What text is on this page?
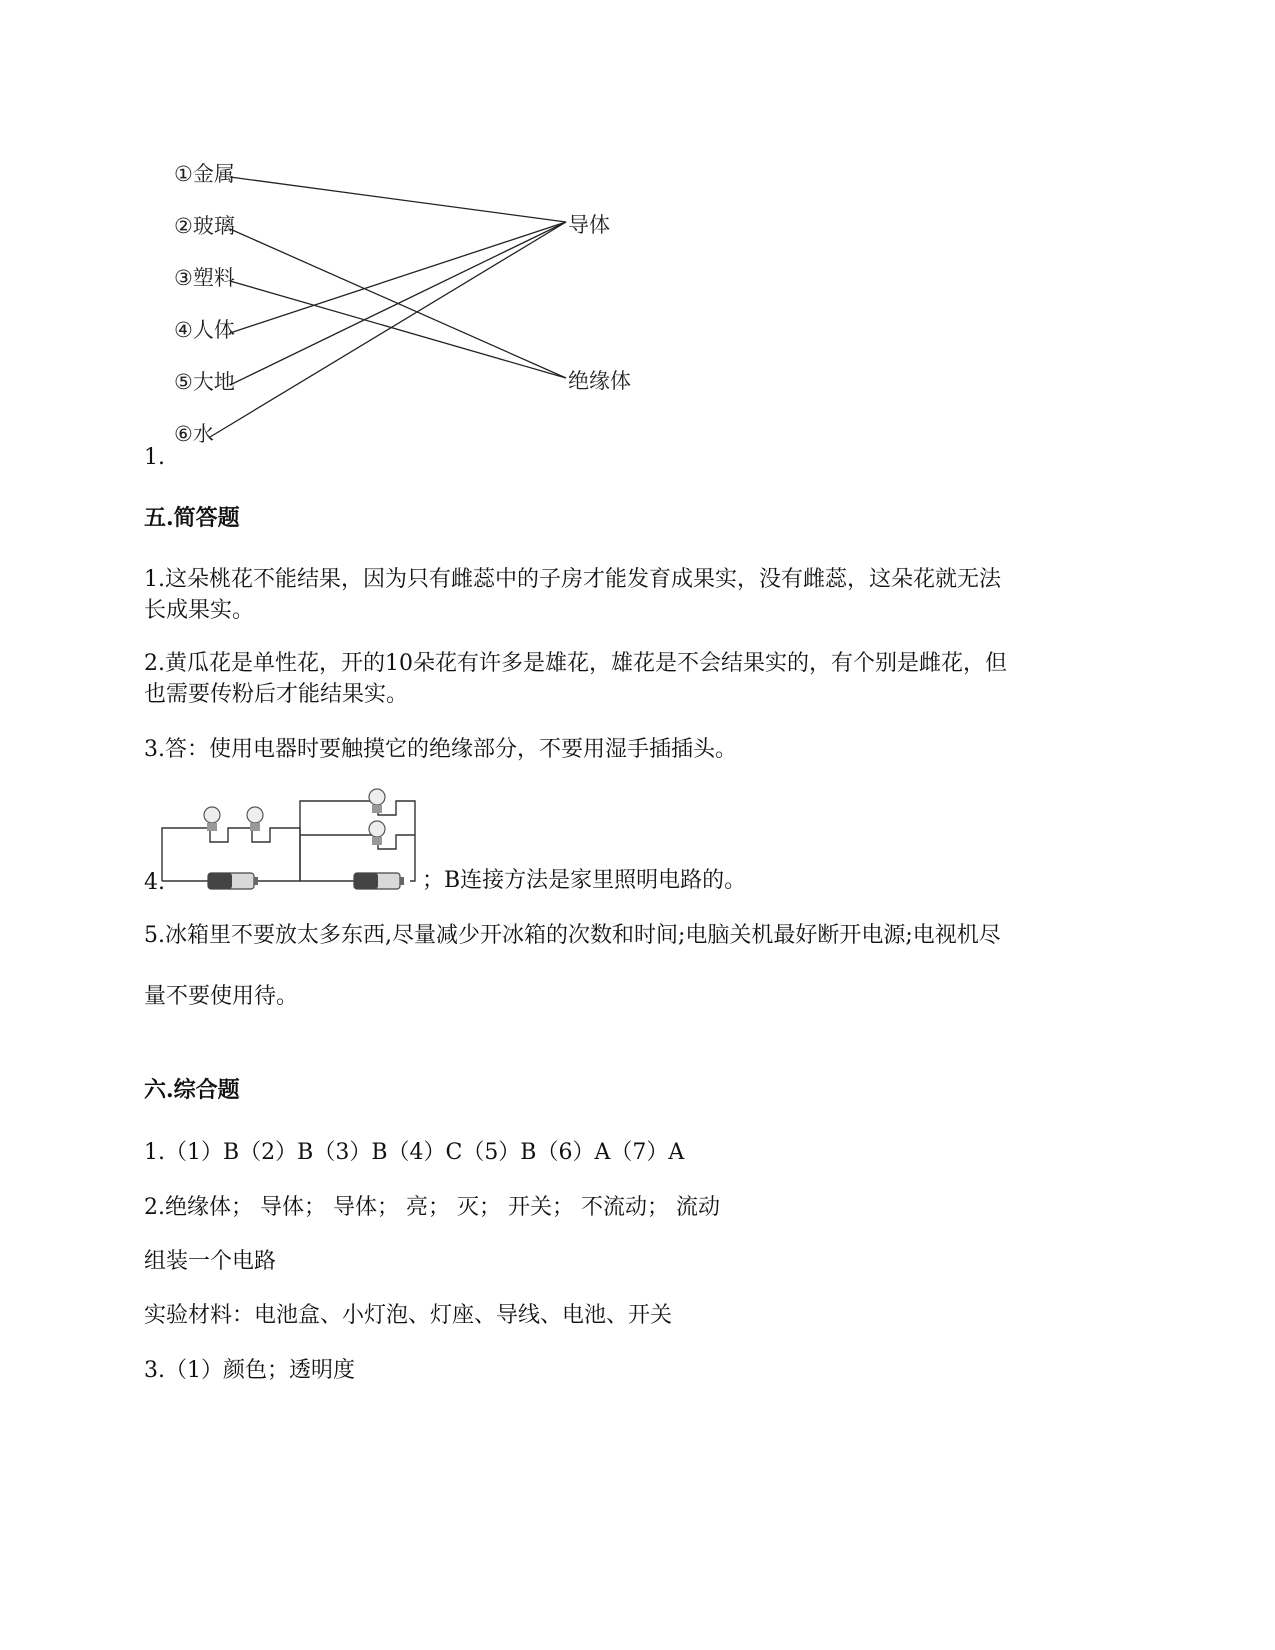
①金属
②玻璃
③塑料
④人体
⑤大地
⑥水
导体
绝缘体
1.
五.简答题
1.这朵桃花不能结果，因为只有雌蕊中的子房才能发育成果实，没有雌蕊，这朵花就无法
长成果实。
2.黄瓜花是单性花，开的10朵花有许多是雄花，雄花是不会结果实的，有个别是雌花，但
也需要传粉后才能结果实。
3.答：使用电器时要触摸它的绝缘部分，不要用湿手插插头。
4.	；B连接方法是家里照明电路的。
5.冰箱里不要放太多东西,尽量减少开冰箱的次数和时间;电脑关机最好断开电源;电视机尽
量不要使用待。
六.综合题
1.（1）B（2）B（3）B（4）C（5）B（6）A（7）A
2.绝缘体； 导体； 导体； 亮； 灭； 开关； 不流动； 流动
组装一个电路
实验材料：电池盒、小灯泡、灯座、导线、电池、开关
3.（1）颜色；透明度
